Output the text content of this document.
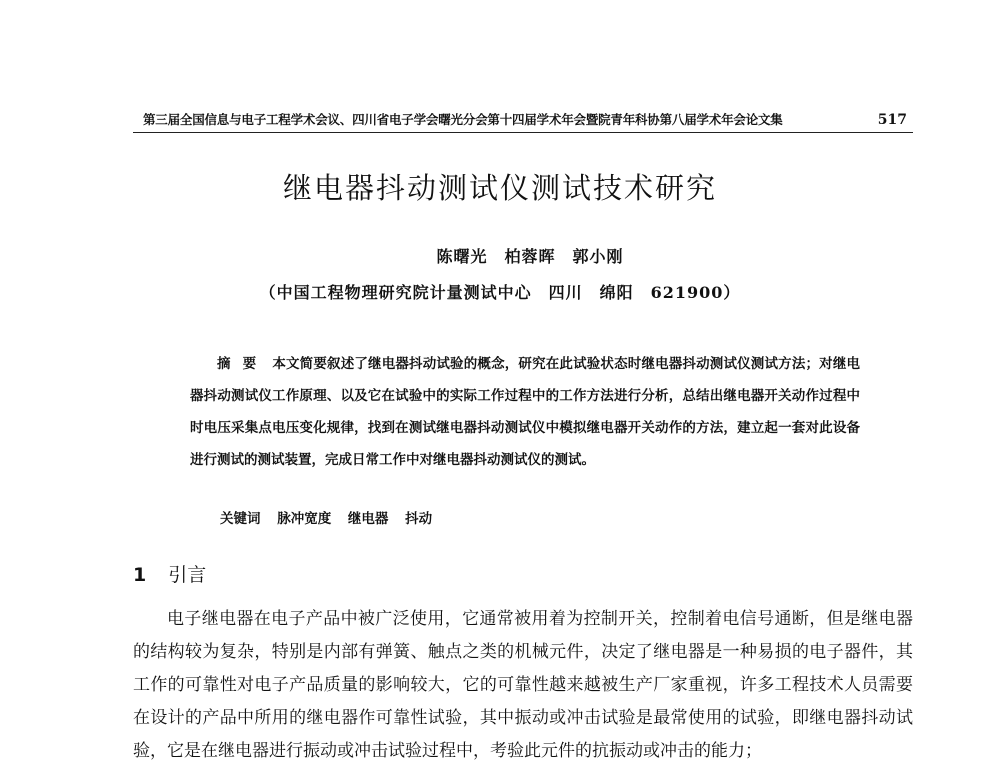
第三届全国信息与电子工程学术会议、四川省电子学会曙光分会第十四届学术年会暨院青年科协第八届学术年会论文集	517
继电器抖动测试仪测试技术研究
陈曙光　 柏蓉晖　 郭小刚
（中国工程物理研究院计量测试中心　四川　绵阳　621900）

摘要 本文简要叙述了继电器抖动试验的概念，研究在此试验状态时继电器抖动测试仪测试方法；对继电器抖动测试仪工作原理、以及它在试验中的实际工作过程中的工作方法进行分析，总结出继电器开关动作过程中时电压采集点电压变化规律，找到在测试继电器抖动测试仪中模拟继电器开关动作的方法，建立起一套对此设备进行测试的测试装置，完成日常工作中对继电器抖动测试仪的测试。

关键词 脉冲宽度 继电器 抖动
1 引言

电子继电器在电子产品中被广泛使用，它通常被用着为控制开关，控制着电信号通断，但是继电器的结构较为复杂，特别是内部有弹簧、触点之类的机械元件，决定了继电器是一种易损的电子器件，其工作的可靠性对电子产品质量的影响较大，它的可靠性越来越被生产厂家重视，许多工程技术人员需要在设计的产品中所用的继电器作可靠性试验，其中振动或冲击试验是最常使用的试验，即继电器抖动试验，它是在继电器进行振动或冲击试验过程中，考验此元件的抗振动或冲击的能力；
